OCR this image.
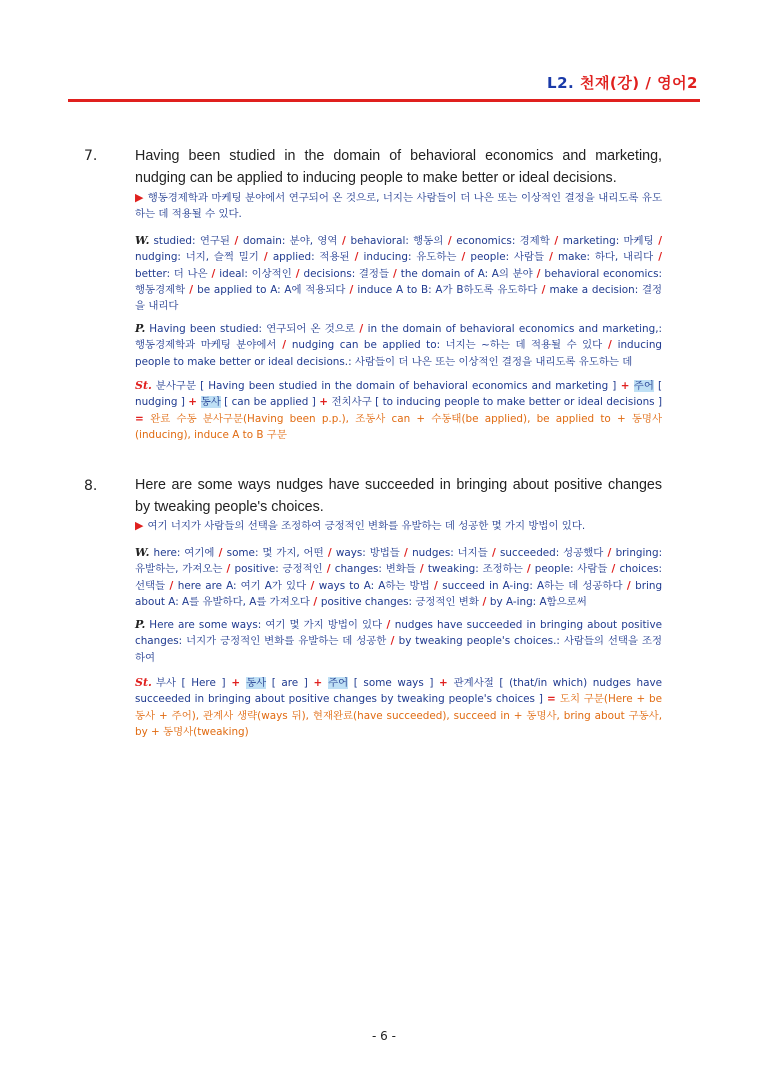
L2. 천재(강) / 영어2
7.	Having been studied in the domain of behavioral economics and marketing, nudging can be applied to inducing people to make better or ideal decisions.
▶ 행동경제학과 마케팅 분야에서 연구되어 온 것으로, 너지는 사람들이 더 나은 또는 이상적인 결정을 내리도록 유도하는 데 적용될 수 있다.
W. studied: 연구된 / domain: 분야, 영역 / behavioral: 행동의 / economics: 경제학 / marketing: 마케팅 / nudging: 너지, 슬쩍 밀기 / applied: 적용된 / inducing: 유도하는 / people: 사람들 / make: 하다, 내리다 / better: 더 나은 / ideal: 이상적인 / decisions: 결정들 / the domain of A: A의 분야 / behavioral economics: 행동경제학 / be applied to A: A에 적용되다 / induce A to B: A가 B하도록 유도하다 / make a decision: 결정을 내리다
P. Having been studied: 연구되어 온 것으로 / in the domain of behavioral economics and marketing,: 행동경제학과 마케팅 분야에서 / nudging can be applied to: 너지는 ~하는 데 적용될 수 있다 / inducing people to make better or ideal decisions.: 사람들이 더 나은 또는 이상적인 결정을 내리도록 유도하는 데
St. 분사구문 [ Having been studied in the domain of behavioral economics and marketing ] + 주어 [ nudging ] + 동사 [ can be applied ] + 전치사구 [ to inducing people to make better or ideal decisions ] = 완료 수동 분사구문(Having been p.p.), 조동사 can + 수동태(be applied), be applied to + 동명사(inducing), induce A to B 구문
8.	Here are some ways nudges have succeeded in bringing about positive changes by tweaking people's choices.
▶ 여기 너지가 사람들의 선택을 조정하여 긍정적인 변화를 유발하는 데 성공한 몇 가지 방법이 있다.
W. here: 여기에 / some: 몇 가지, 어떤 / ways: 방법들 / nudges: 너지들 / succeeded: 성공했다 / bringing: 유발하는, 가져오는 / positive: 긍정적인 / changes: 변화들 / tweaking: 조정하는 / people: 사람들 / choices: 선택들 / here are A: 여기 A가 있다 / ways to A: A하는 방법 / succeed in A-ing: A하는 데 성공하다 / bring about A: A를 유발하다, A를 가져오다 / positive changes: 긍정적인 변화 / by A-ing: A함으로써
P. Here are some ways: 여기 몇 가지 방법이 있다 / nudges have succeeded in bringing about positive changes: 너지가 긍정적인 변화를 유발하는 데 성공한 / by tweaking people's choices.: 사람들의 선택을 조정하여
St. 부사 [ Here ] + 동사 [ are ] + 주어 [ some ways ] + 관계사절 [ (that/in which) nudges have succeeded in bringing about positive changes by tweaking people's choices ] = 도치 구문(Here + be동사 + 주어), 관계사 생략(ways 뒤), 현재완료(have succeeded), succeed in + 동명사, bring about 구동사, by + 동명사(tweaking)
- 6 -
